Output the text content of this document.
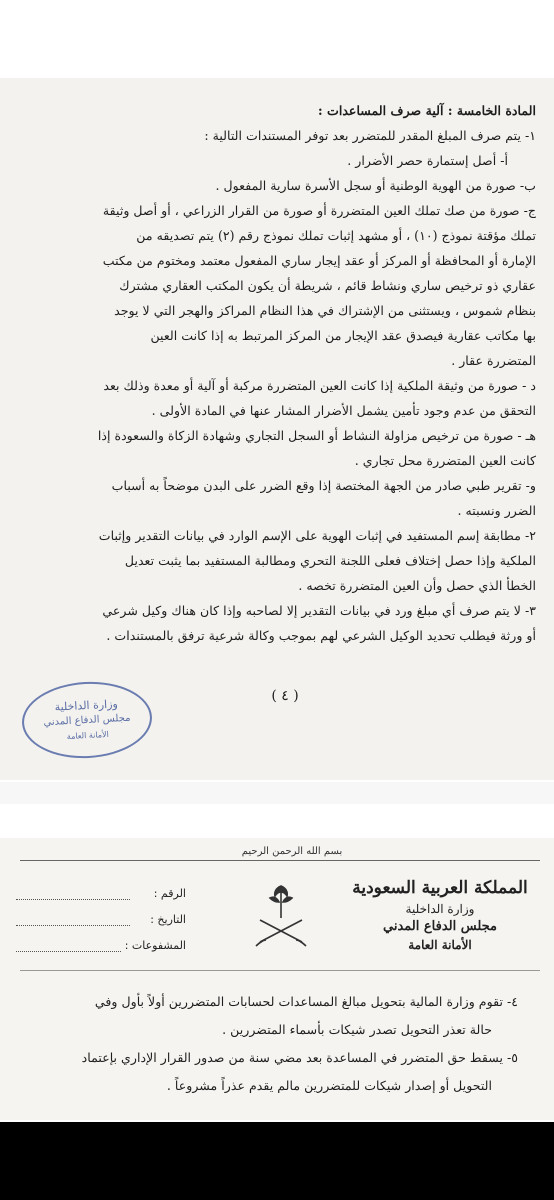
المادة الخامسة : آلية صرف المساعدات :
١- يتم صرف المبلغ المقدر للمتضرر بعد توفر المستندات التالية :
أ- أصل إستمارة حصر الأضرار .
ب- صورة من الهوية الوطنية أو سجل الأسرة سارية المفعول .
ج- صورة من صك تملك العين المتضررة أو صورة من القرار الزراعي ، أو أصل وثيقة
تملك مؤقتة نموذج (١٠) ، أو مشهد إثبات تملك نموذج رقم (٢) يتم تصديقه من
الإمارة أو المحافظة أو المركز أو عقد إيجار ساري المفعول معتمد ومختوم من مكتب
عقاري ذو ترخيص ساري ونشاط قائم ، شريطة أن يكون المكتب العقاري مشترك
بنظام شموس ، ويستثنى من الإشتراك في هذا النظام المراكز والهجر التي لا يوجد
بها مكاتب عقارية فيصدق عقد الإيجار من المركز المرتبط به إذا كانت العين
المتضررة عقار .
د - صورة من وثيقة الملكية إذا كانت العين المتضررة مركبة أو آلية أو معدة وذلك بعد
التحقق من عدم وجود تأمين يشمل الأضرار المشار عنها في المادة الأولى .
هـ - صورة من ترخيص مزاولة النشاط أو السجل التجاري وشهادة الزكاة والسعودة إذا
كانت العين المتضررة محل تجاري .
و- تقرير طبي صادر من الجهة المختصة إذا وقع الضرر على البدن موضحاً به أسباب
الضرر ونسبته .
٢- مطابقة إسم المستفيد في إثبات الهوية على الإسم الوارد في بيانات التقدير وإثبات
الملكية وإذا حصل إختلاف فعلى اللجنة التحري ومطالبة المستفيد بما يثبت تعديل
الخطأ الذي حصل وأن العين المتضررة تخصه .
٣- لا يتم صرف أي مبلغ ورد في بيانات التقدير إلا لصاحبه وإذا كان هناك وكيل شرعي
أو ورثة فيطلب تحديد الوكيل الشرعي لهم بموجب وكالة شرعية ترفق بالمستندات .
وزارة الداخلية
مجلس الدفاع المدني
الأمانة العامة
( ٤ )
بسم الله الرحمن الرحيم
المملكة العربية السعودية
وزارة الداخلية
مجلس الدفاع المدني
الأمانة العامة
الرقم :
التاريخ :
المشفوعات :
٤- تقوم وزارة المالية بتحويل مبالغ المساعدات لحسابات المتضررين أولاً بأول وفي
حالة تعذر التحويل تصدر شيكات بأسماء المتضررين .
٥- يسقط حق المتضرر في المساعدة بعد مضي سنة من صدور القرار الإداري بإعتماد
التحويل أو إصدار شيكات للمتضررين مالم يقدم عذراً مشروعاً .
